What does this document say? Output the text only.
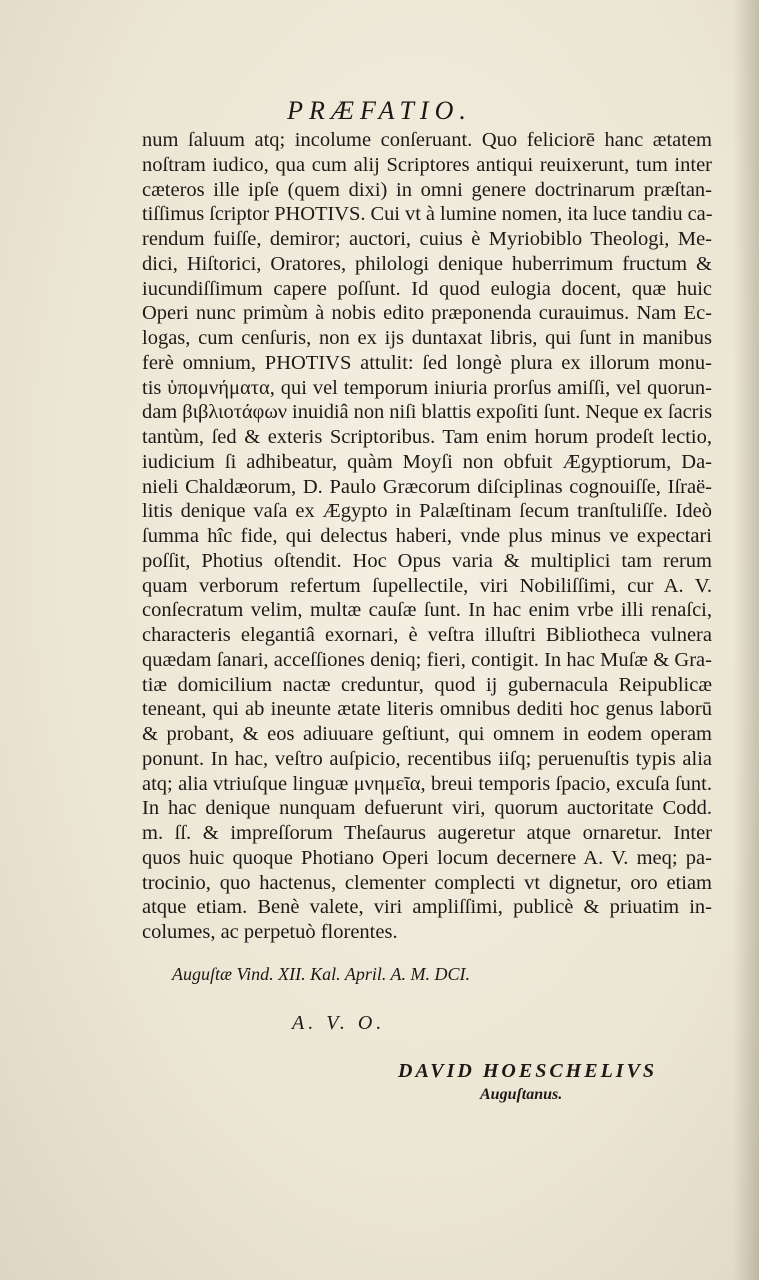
PRÆFATIO.
num ſaluum atq; incolume conſeruant. Quo feliciorē hanc ætatem
noſtram iudico, qua cum alij Scriptores antiqui reuixerunt, tum inter
cæteros ille ipſe (quem dixi) in omni genere doctrinarum præſtan-
tiſſimus ſcriptor PHOTIVS. Cui vt à lumine nomen, ita luce tandiu ca-
rendum fuiſſe, demiror; auctori, cuius è Myriobiblo Theologi, Me-
dici, Hiſtorici, Oratores, philologi denique huberrimum fructum &
iucundiſſimum capere poſſunt. Id quod eulogia docent, quæ huic
Operi nunc primùm à nobis edito præponenda curauimus. Nam Ec-
logas, cum cenſuris, non ex ijs duntaxat libris, qui ſunt in manibus
ferè omnium, PHOTIVS attulit: ſed longè plura ex illorum monu-
tis ὑπομνήματα, qui vel temporum iniuria prorſus amiſſi, vel quorun-
dam βιβλιοτάφων inuidiâ non niſi blattis expoſiti ſunt. Neque ex ſacris
tantùm, ſed & exteris Scriptoribus. Tam enim horum prodeſt lectio,
iudicium ſi adhibeatur, quàm Moyſi non obfuit Ægyptiorum, Da-
nieli Chaldæorum, D. Paulo Græcorum diſciplinas cognouiſſe, Iſraë-
litis denique vaſa ex Ægypto in Palæſtinam ſecum tranſtuliſſe. Ideò
ſumma hîc fide, qui delectus haberi, vnde plus minus ve expectari
poſſit, Photius oſtendit. Hoc Opus varia & multiplici tam rerum
quam verborum refertum ſupellectile, viri Nobiliſſimi, cur A. V.
conſecratum velim, multæ cauſæ ſunt. In hac enim vrbe illi renaſci,
characteris elegantiâ exornari, è veſtra illuſtri Bibliotheca vulnera
quædam ſanari, acceſſiones deniq; fieri, contigit. In hac Muſæ & Gra-
tiæ domicilium nactæ creduntur, quod ij gubernacula Reipublicæ
teneant, qui ab ineunte ætate literis omnibus dediti hoc genus laborū
& probant, & eos adiuuare geſtiunt, qui omnem in eodem operam
ponunt. In hac, veſtro auſpicio, recentibus iiſq; peruenuſtis typis alia
atq; alia vtriuſque linguæ μνημεῖα, breui temporis ſpacio, excuſa ſunt.
In hac denique nunquam defuerunt viri, quorum auctoritate Codd.
m. ſſ. & impreſſorum Theſaurus augeretur atque ornaretur. Inter
quos huic quoque Photiano Operi locum decernere A. V. meq; pa-
trocinio, quo hactenus, clementer complecti vt dignetur, oro etiam
atque etiam. Benè valete, viri ampliſſimi, publicè & priuatim in-
columes, ac perpetuò florentes.
Auguſtæ Vind. XII. Kal. April. A. M. DCI.
A. V. O.
DAVID HOESCHELIVS
Auguſtanus.
